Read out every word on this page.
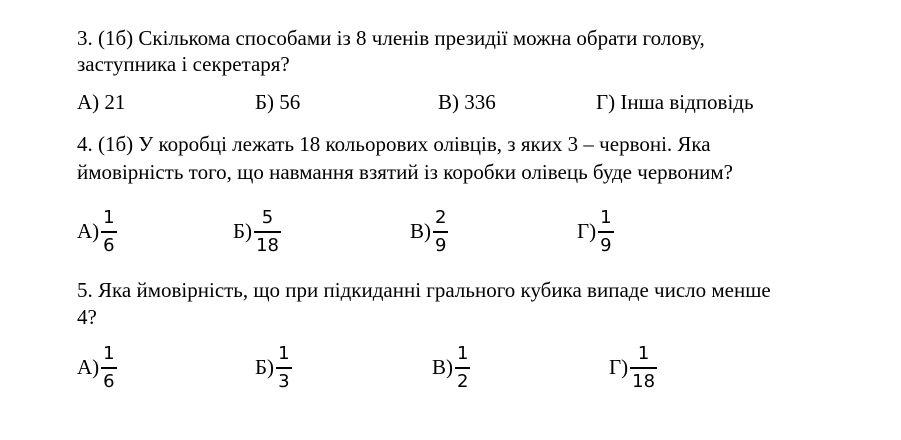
3. (1б) Скількома способами із 8 членів президії можна обрати голову,
заступника і секретаря?
А) 21	Б) 56	В) 336	Г) Інша відповідь
4. (1б) У коробці лежать 18 кольорових олівців, з яких 3 – червоні. Яка
ймовірність того, що навмання взятий із коробки олівець буде червоним?
$А) \frac{1}{6}$	$Б) \frac{5}{18}$	$В) \frac{2}{9}$	$Г) \frac{1}{9}$
5. Яка ймовірність, що при підкиданні грального кубика випаде число менше
4?
$А) \frac{1}{6}$	$Б) \frac{1}{3}$	$В) \frac{1}{2}$	$Г) \frac{1}{18}$
